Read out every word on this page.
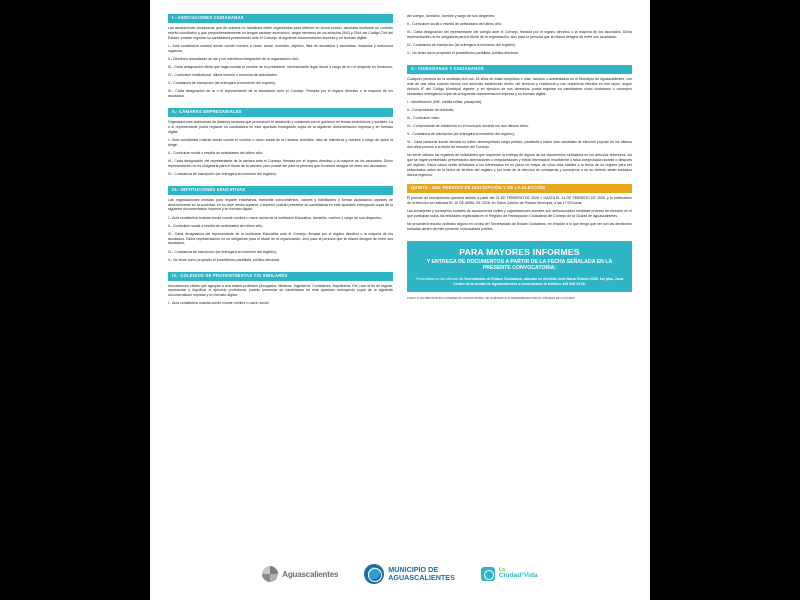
I.- ASOCIACIONES CIUDADANAS

Las asociaciones ciudadanas que de manera no transitoria estén organizadas para obtener en forma común, asociada mediante un contrato escrito constitutivo y que preponderantemente no tengan carácter económico, según términos de los artículos 2543 y 2544 del Código Civil del Estado, podrán registrar su candidatura presentando ante el Consejo, la siguiente documentación impresa y en formato digital:

I.- Acta constitutiva notarial donde conste nombre o razón social, domicilio, objetivo, lista de asociados y asociadas, estatutos y estructura orgánica;

II.- Directorio actualizado de las y los miembros integrantes de la organización civil;

III.- Carta designación oficial que haga constar el nombre de su presidente, representante legal, titular o cargo de la o el dirigente en funciones;

IV.- Curriculum institucional, última informe o memoria de actividades;

V.- Constancia de inscripción (se entregará al momento del registro);

VI.- Carta designación de la o el representante de la asociación ante el Consejo. Firmada por el órgano directivo o la mayoría de los asociados.

II.- CÁMARAS EMPRESARIALES

Organizaciones autónomas de distintos sectores que promueven el desarrollo y colaboran con el gobierno en temas económicos y sociales. La o el representante podrá registrar su candidatura en este apartado entregando copia de la siguiente documentación impresa y en formato digital:

I.- Acta constitutiva notarial donde conste el nombre o razón social de la Cámara, domicilio, lista de miembros y nombre o cargo de quien la dirige;

II.- Curriculum social o reseña de actividades del último año;

III.- Carta designación del representante de la cámara ante el Consejo, firmada por el órgano directivo o la mayoría de los asociados. Dicho representación no es obligatoria para el titular de la cámara, pero puede ser para la persona que la misma designe de entre sus asociados;

IV.- Constancia de inscripción (se entregará al momento del registro).

III.- INSTITUCIONES EDUCATIVAS

Las organizaciones creadas para impartir enseñanza, transmitir conocimientos, valores y habilidades y formar ciudadanos capaces de desenvolverse en la sociedad, en su nivel medio superior o superior podrán presentar su candidatura en este apartado entregando copia de la siguiente documentación impresa y en formato digital:

I.- Acta constitutiva notarial donde conste nombre o razón social de la Institución Educativa, domicilio, nombre y cargo de sus dirigentes;

II.- Curriculum social o reseña de actividades del último año;

III.- Carta designación del representante de la Institución Educativa ante el Consejo, firmada por el órgano directivo o la mayoría de los asociados. Dicha representación no es obligatoria para el titular de la organización, sino para la persona que la misma designe de entre sus asociados;

IV.- Constancia de inscripción (se entregará al momento del registro);

V.- No tener como propósito el proselitismo partidista, político-electoral.

IV.- COLEGIOS DE PROFESIONISTAS Y/O SIMILARES

Asociaciones civiles que agrupan a una misma profesión (Abogados, Médicos, Ingenieros, Contadores, Arquitectos, Etc.) con el fin de regular, representar y dignificar el ejercicio profesional, podrán presentar su candidatura en este apartado entregando copia de la siguiente documentación impresa y en formato digital:

I.- Acta constitutiva notarial donde conste nombre o razón social

del colegio, domicilio, nombre y cargo de sus dirigentes;

II.- Curriculum social o reseña de actividades del último año;

III.- Carta designación del representante del colegio ante el Consejo, firmada por el órgano directivo o la mayoría de los asociados. Dicha representación no es obligatoria para el titular de la organización, sino para la persona que la misma designe de entre sus asociados;

IV.- Constancia de inscripción (se entregará al momento del registro);

V.- No tener como propósito el proselitismo partidista, político-electoral.

V.- CIUDADANAS Y CIUDADANOS

Cualquier persona de la sociedad civil con 18 años de edad cumplidos o más, nacidos o avecindados en el Municipio de Aguascalientes, con más de dos años cuando menos con domicilio establecido dentro del territorio y residencia y con residencia efectiva en ese lapso, según Artículo 8° del Código Municipal vigente, y en ejercicio de sus derechos, podrá registrar su candidatura como ciudadano o consejero ciudadano entregando copia de la siguiente documentación impresa y en formato digital:

I.- Identificación (INE, cartilla militar, pasaporte);

II.- Comprobante de domicilio;

III.- Curriculum vitae;

IV.- Comprobante de residencia en el municipio durante los dos últimos años;

V.- Constancia de inscripción (se entregará al momento del registro);

VI.- Carta personal donde declara no haber desempeñado cargo público, partidista o haber sido candidato de elección popular en los últimos dos años previos a la fecha de elección del Consejo.

No serán válidos los registros de solicitantes que requieran la entrega de alguna de los documentos señalados en los artículos anteriores, los que se hayan presentado presentación aberraciones o irregularidades y exista información insuficiente o falsa comprobada durante o después del registro. Estos casos serán señalados a los interesados en un plazo no mayor de cinco días hábiles a la fecha de su registro para ser solventados antes de la fecha de término del registro y por ende de la elección de consejeras y consejeros o en su defecto serán anulados dichos registros.

QUINTA.- DEL PERIODO DE INSCRIPCIÓN Y DE LA ELECCIÓN

El periodo de inscripciones quedará abierto a partir del 24 DE FEBRERO DE 2026 Y HASTA EL 24 DE FEBRERO DE 2026, y la celebración de la elección se realizará EL 10 DE ABRIL DE 2026, en Salón Cabildo de Palacio Municipal, a las 17:00 horas.

Las consejeras y consejeros sociales de asociaciones civiles y organizaciones sociales son seleccionados mediante proceso de elección en el que participan todos las entidades registradas en el Registro de Participación Ciudadana del Consejo de la Ciudad de Aguascalientes.

No procederá recurso ordinario alguno en contra del Secretariado de Enlace Ciudadano, en relación a lo que tenga que ver con las decisiones tomadas dentro de este presente convocatoria pública.

PARA MAYORES INFORMES
Y ENTREGA DE DOCUMENTOS A PARTIR DE LA FECHA SEÑALADA EN LA PRESENTE CONVOCATORIA:
Presentarse en las oficinas del Secretariado de Enlace Ciudadano, ubicado en Avenida José María Chávez #105, 1er piso, Zona Centro de la ciudad de Aguascalientes o comunicarse al teléfono 449 918 15 06.
TODO LO NO PREVISTO EN LA PRESENTE CONVOCATORIA, SE SUJETARÁ A LO DETERMINADO POR EL CONSEJO DE LA CIUDAD.
Aguascalientes	MUNICIPIO DE
AGUASCALIENTES
La
Ciudad°Vida
